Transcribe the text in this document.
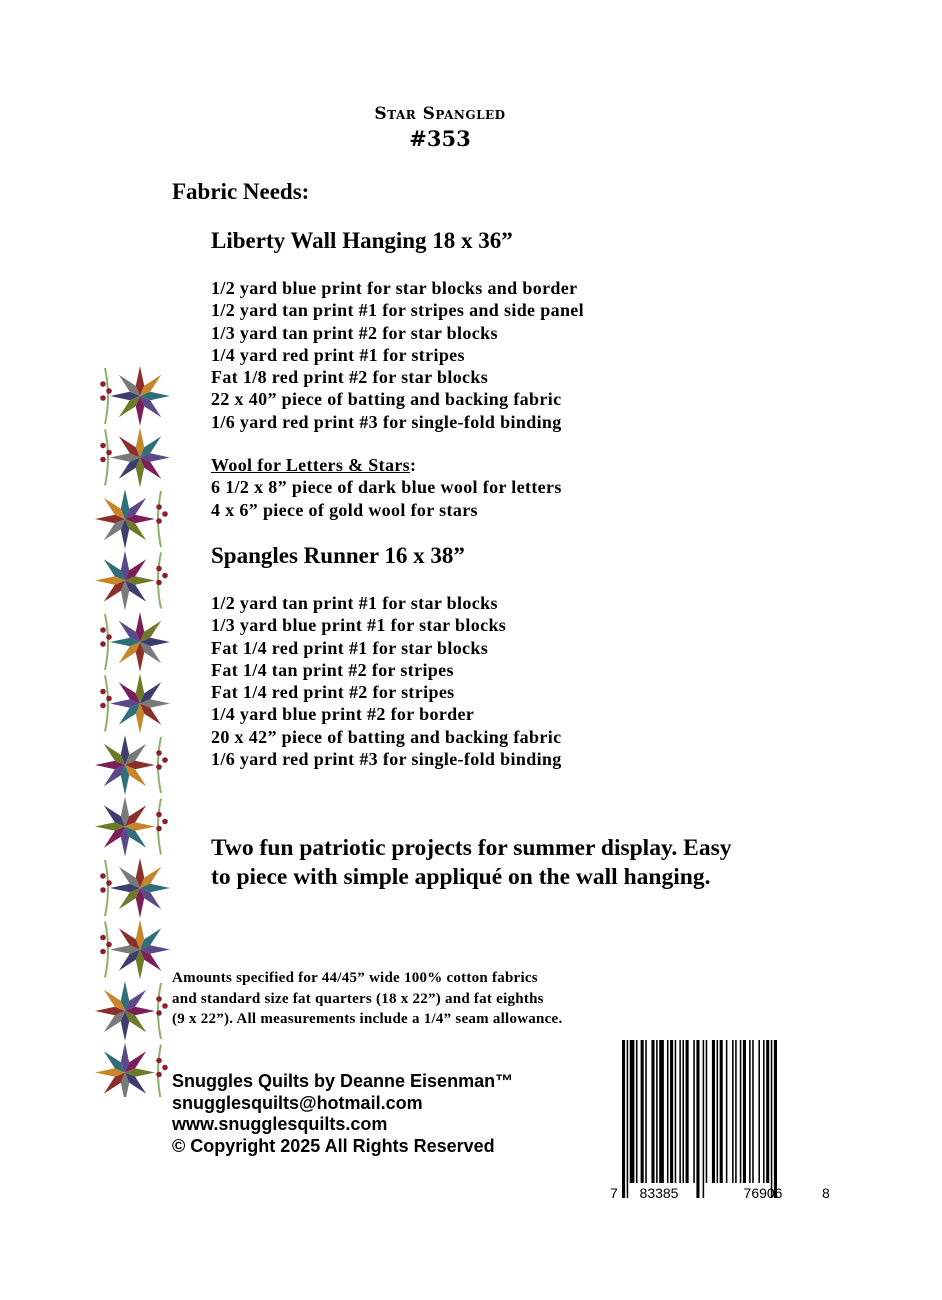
Star Spangled
#353
Fabric Needs:
Liberty Wall Hanging 18 x 36”
1/2 yard blue print for star blocks and border
1/2 yard tan print #1 for stripes and side panel
1/3 yard tan print #2 for star blocks
1/4 yard red print #1 for stripes
Fat 1/8 red print #2 for star blocks
22 x 40” piece of batting and backing fabric
1/6 yard red print #3 for single-fold binding
Wool for Letters & Stars:
6 1/2 x 8” piece of dark blue wool for letters
4 x 6” piece of gold wool for stars
Spangles Runner 16 x 38”
1/2 yard tan print #1 for star blocks
1/3 yard blue print #1 for star blocks
Fat 1/4 red print #1 for star blocks
Fat 1/4 tan print #2 for stripes
Fat 1/4 red print #2 for stripes
1/4 yard blue print #2 for border
20 x 42” piece of batting and backing fabric
1/6 yard red print #3 for single-fold binding
Two fun patriotic projects for summer display. Easy
to piece with simple appliqué on the wall hanging.
Amounts specified for 44/45” wide 100% cotton fabrics
and standard size fat quarters (18 x 22”) and fat eighths
(9 x 22”). All measurements include a 1/4” seam allowance.
Snuggles Quilts by Deanne Eisenman™
snugglesquilts@hotmail.com
www.snugglesquilts.com
© Copyright 2025 All Rights Reserved
7 83385	76906	8
